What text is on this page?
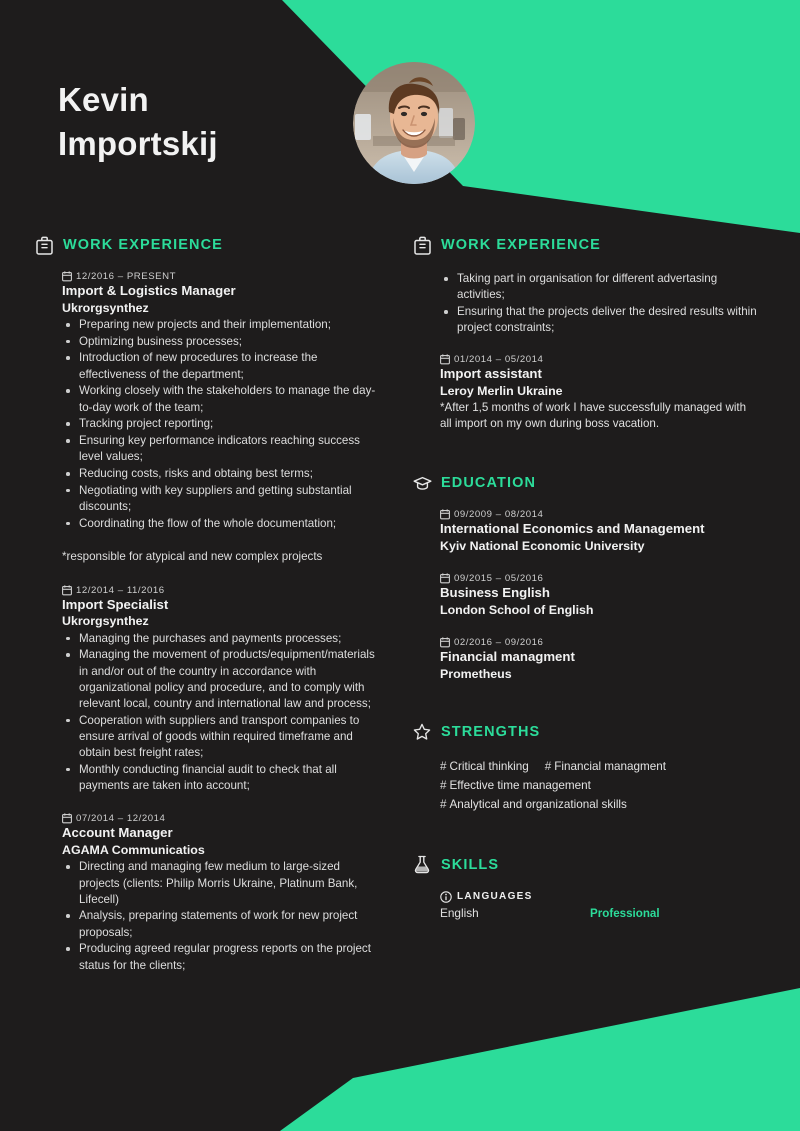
Kevin
Importskij
WORK EXPERIENCE
12/2016 – PRESENT
Import & Logistics Manager
Ukrorgsynthez
Preparing new projects and their implementation;
Optimizing business processes;
Introduction of new procedures to increase the effectiveness of the department;
Working closely with the stakeholders to manage the day-to-day work of the team;
Tracking project reporting;
Ensuring key performance indicators reaching success level values;
Reducing costs, risks and obtaing best terms;
Negotiating with key suppliers and getting substantial discounts;
Coordinating the flow of the whole documentation;
*responsible for atypical and new complex projects
12/2014 – 11/2016
Import Specialist
Ukrorgsynthez
Managing the purchases and payments processes;
Managing the movement of products/equipment/materials in and/or out of the country in accordance with organizational policy and procedure, and to comply with relevant local, country and international law and process;
Cooperation with suppliers and transport companies to ensure arrival of goods within required timeframe and obtain best freight rates;
Monthly conducting financial audit to check that all payments are taken into account;
07/2014 – 12/2014
Account Manager
AGAMA Communicatios
Directing and managing few medium to large-sized projects (clients: Philip Morris Ukraine, Platinum Bank, Lifecell)
Analysis, preparing statements of work for new project proposals;
Producing agreed regular progress reports on the project status for the clients;
WORK EXPERIENCE
Taking part in organisation for different advertasing activities;
Ensuring that the projects deliver the desired results within project constraints;
01/2014 – 05/2014
Import assistant
Leroy Merlin Ukraine
*After 1,5 months of work I have successfully managed with all import on my own during boss vacation.
EDUCATION
09/2009 – 08/2014
International Economics and Management
Kyiv National Economic University
09/2015 – 05/2016
Business English
London School of English
02/2016 – 09/2016
Financial managment
Prometheus
STRENGTHS
# Critical thinking # Financial managment
# Effective time management
# Analytical and organizational skills
SKILLS
LANGUAGES
English	Professional
